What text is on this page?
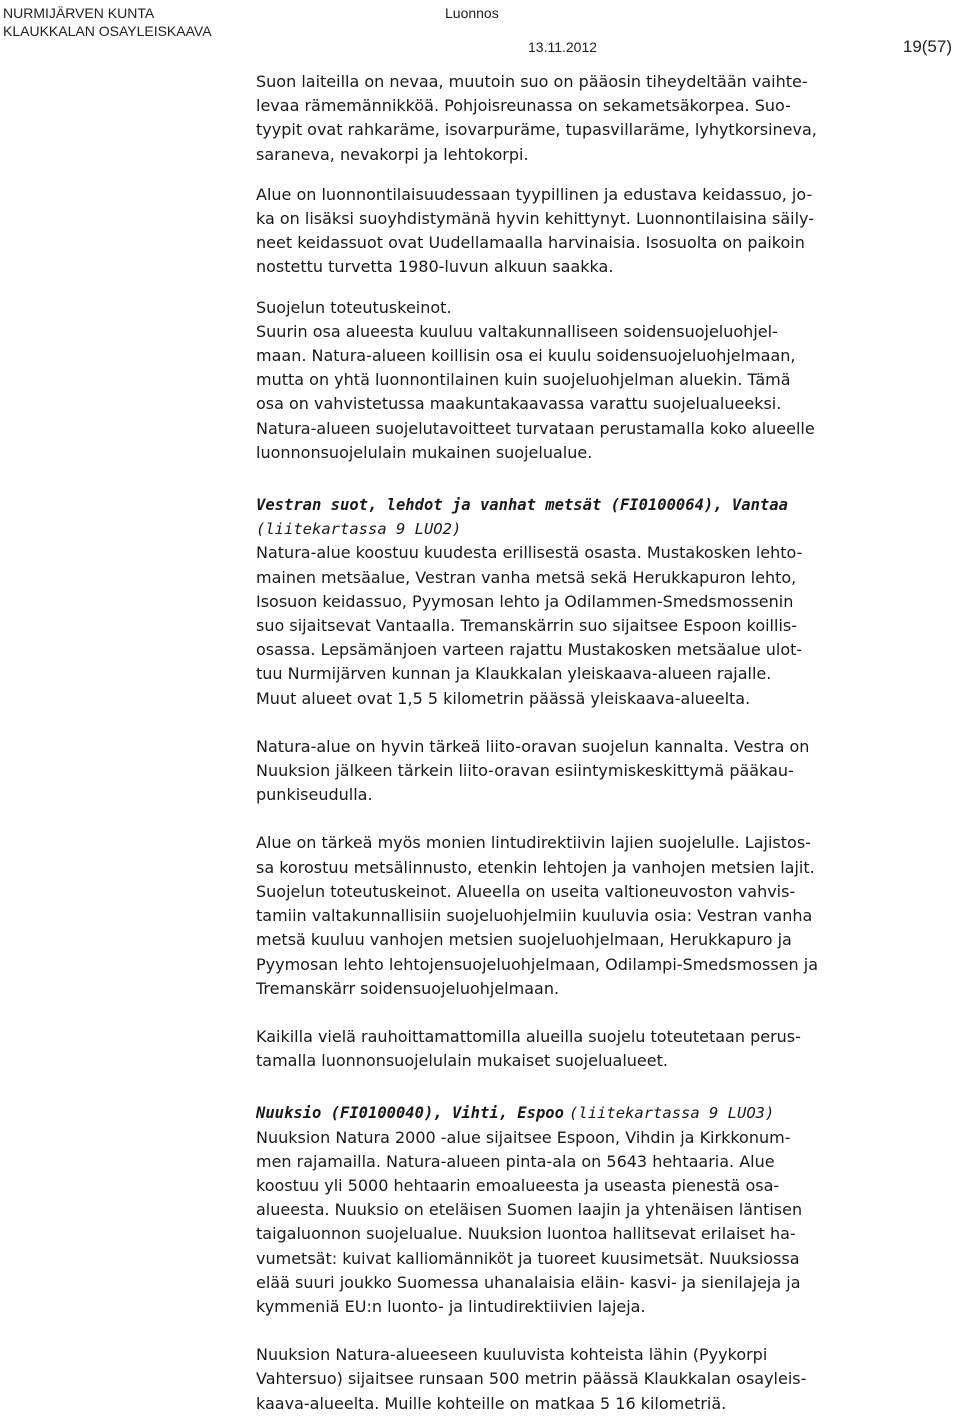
NURMIJÄRVEN KUNTA
KLAUKKALAN OSAYLEISKAAVA
Luonnos
13.11.2012	19(57)

Suon laiteilla on nevaa, muutoin suo on pääosin tiheydeltään vaihte-
levaa rämemännikköä. Pohjoisreunassa on sekametsäkorpea. Suo-
tyypit ovat rahkaräme, isovarpuräme, tupasvillaräme, lyhytkorsineva,
saraneva, nevakorpi ja lehtokorpi.

Alue on luonnontilaisuudessaan tyypillinen ja edustava keidassuo, jo-
ka on lisäksi suoyhdistymänä hyvin kehittynyt. Luonnontilaisina säily-
neet keidassuot ovat Uudellamaalla harvinaisia. Isosuolta on paikoin
nostettu turvetta 1980-luvun alkuun saakka.

Suojelun toteutuskeinot.
Suurin osa alueesta kuuluu valtakunnalliseen soidensuojeluohjel-
maan. Natura-alueen koillisin osa ei kuulu soidensuojeluohjelmaan,
mutta on yhtä luonnontilainen kuin suojeluohjelman aluekin. Tämä
osa on vahvistetussa maakuntakaavassa varattu suojelualueeksi.
Natura-alueen suojelutavoitteet turvataan perustamalla koko alueelle
luonnonsuojelulain mukainen suojelualue.

Vestran suot, lehdot ja vanhat metsät (FI0100064), Vantaa
(liitekartassa 9 LUO2)
Natura-alue koostuu kuudesta erillisestä osasta. Mustakosken lehto-
mainen metsäalue, Vestran vanha metsä sekä Herukkapuron lehto,
Isosuon keidassuo, Pyymosan lehto ja Odilammen-Smedsmossenin
suo sijaitsevat Vantaalla. Tremanskärrin suo sijaitsee Espoon koillis-
osassa. Lepsämänjoen varteen rajattu Mustakosken metsäalue ulot-
tuu Nurmijärven kunnan ja Klaukkalan yleiskaava-alueen rajalle.
Muut alueet ovat 1,5 5 kilometrin päässä yleiskaava-alueelta.

Natura-alue on hyvin tärkeä liito-oravan suojelun kannalta. Vestra on
Nuuksion jälkeen tärkein liito-oravan esiintymiskeskittymä pääkau-
punkiseudulla.

Alue on tärkeä myös monien lintudirektiivin lajien suojelulle. Lajistos-
sa korostuu metsälinnusto, etenkin lehtojen ja vanhojen metsien lajit.
Suojelun toteutuskeinot. Alueella on useita valtioneuvoston vahvis-
tamiin valtakunnallisiin suojeluohjelmiin kuuluvia osia: Vestran vanha
metsä kuuluu vanhojen metsien suojeluohjelmaan, Herukkapuro ja
Pyymosan lehto lehtojensuojeluohjelmaan, Odilampi-Smedsmossen ja
Tremanskärr soidensuojeluohjelmaan.

Kaikilla vielä rauhoittamattomilla alueilla suojelu toteutetaan perus-
tamalla luonnonsuojelulain mukaiset suojelualueet.

Nuuksio (FI0100040), Vihti, Espoo (liitekartassa 9 LUO3)
Nuuksion Natura 2000 -alue sijaitsee Espoon, Vihdin ja Kirkkonum-
men rajamailla. Natura-alueen pinta-ala on 5643 hehtaaria. Alue
koostuu yli 5000 hehtaarin emoalueesta ja useasta pienestä osa-
alueesta. Nuuksio on eteläisen Suomen laajin ja yhtenäisen läntisen
taigaluonnon suojelualue. Nuuksion luontoa hallitsevat erilaiset ha-
vumetsät: kuivat kalliomänniköt ja tuoreet kuusimetsät. Nuuksiossa
elää suuri joukko Suomessa uhanalaisia eläin- kasvi- ja sienilajeja ja
kymmeniä EU:n luonto- ja lintudirektiivien lajeja.

Nuuksion Natura-alueeseen kuuluvista kohteista lähin (Pyykorpi
Vahtersuo) sijaitsee runsaan 500 metrin päässä Klaukkalan osayleis-
kaava-alueelta. Muille kohteille on matkaa 5 16 kilometriä.
